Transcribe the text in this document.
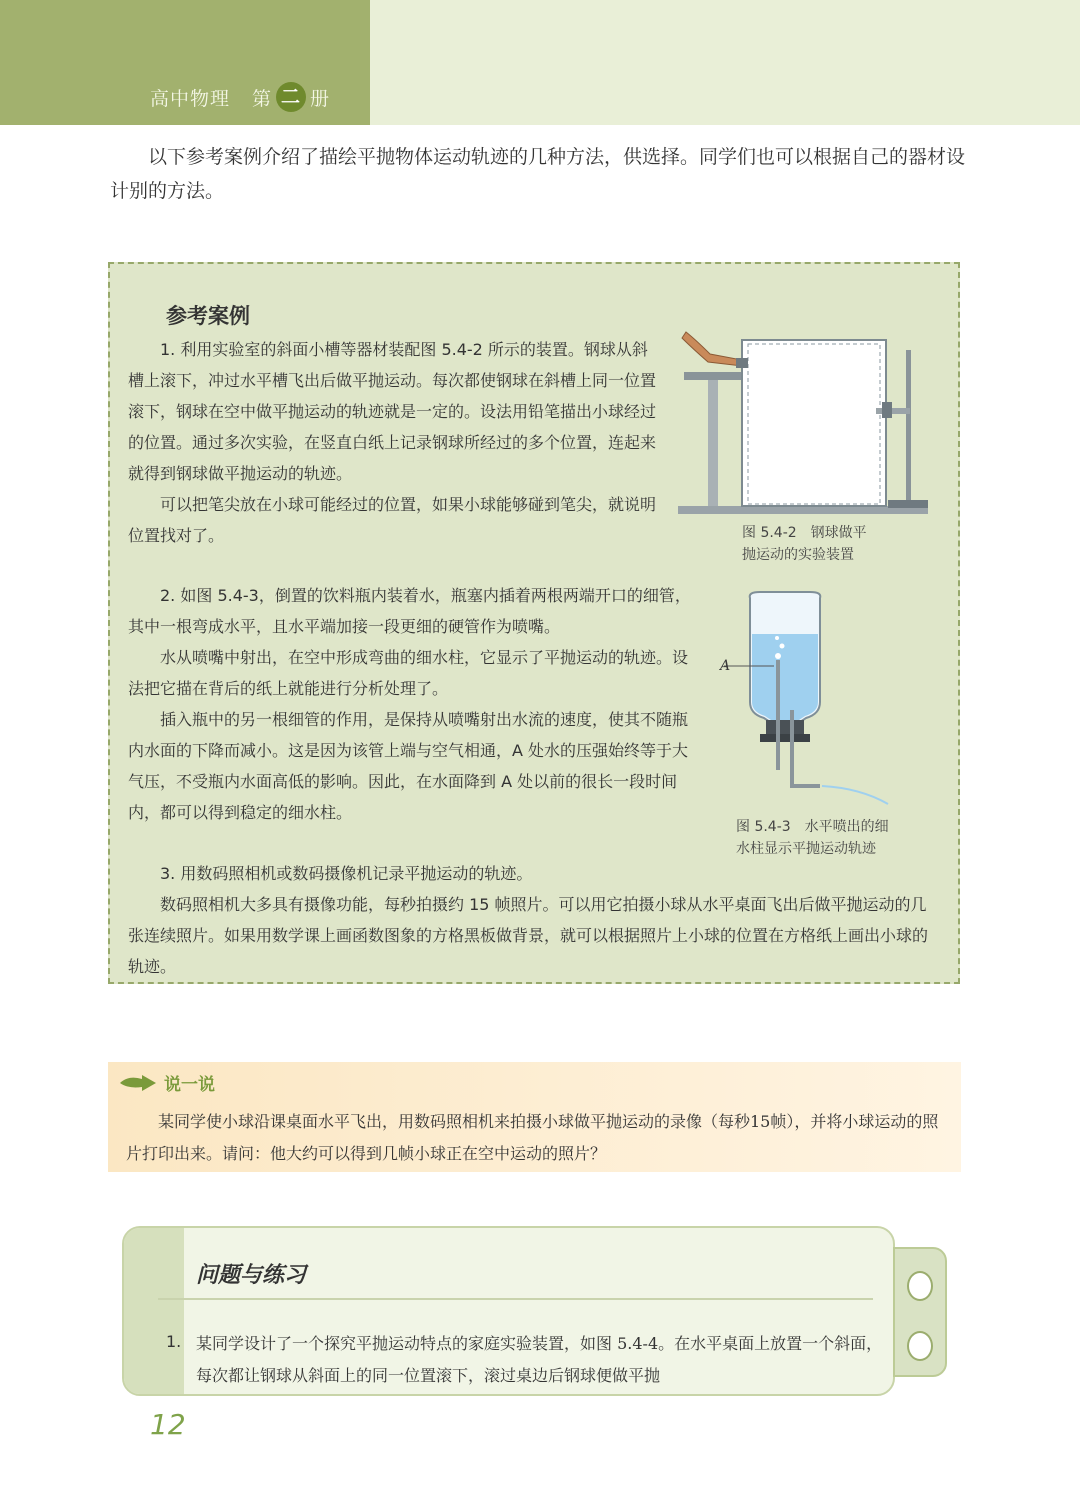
高中物理 第 二 册

以下参考案例介绍了描绘平抛物体运动轨迹的几种方法，供选择。同学们也可以根据自己的器材设计别的方法。

参考案例

1. 利用实验室的斜面小槽等器材装配图 5.4-2 所示的装置。钢球从斜槽上滚下，冲过水平槽飞出后做平抛运动。每次都使钢球在斜槽上同一位置滚下，钢球在空中做平抛运动的轨迹就是一定的。设法用铅笔描出小球经过的位置。通过多次实验，在竖直白纸上记录钢球所经过的多个位置，连起来就得到钢球做平抛运动的轨迹。

可以把笔尖放在小球可能经过的位置，如果小球能够碰到笔尖，就说明位置找对了。

2. 如图 5.4-3，倒置的饮料瓶内装着水，瓶塞内插着两根两端开口的细管，其中一根弯成水平，且水平端加接一段更细的硬管作为喷嘴。

水从喷嘴中射出，在空中形成弯曲的细水柱，它显示了平抛运动的轨迹。设法把它描在背后的纸上就能进行分析处理了。

插入瓶中的另一根细管的作用，是保持从喷嘴射出水流的速度，使其不随瓶内水面的下降而减小。这是因为该管上端与空气相通，A 处水的压强始终等于大气压，不受瓶内水面高低的影响。因此，在水面降到 A 处以前的很长一段时间内，都可以得到稳定的细水柱。

3. 用数码照相机或数码摄像机记录平抛运动的轨迹。

数码照相机大多具有摄像功能，每秒拍摄约 15 帧照片。可以用它拍摄小球从水平桌面飞出后做平抛运动的几张连续照片。如果用数学课上画函数图象的方格黑板做背景，就可以根据照片上小球的位置在方格纸上画出小球的轨迹。

图 5.4-2　钢球做平
抛运动的实验装置
A
图 5.4-3　水平喷出的细
水柱显示平抛运动轨迹
说一说

某同学使小球沿课桌面水平飞出，用数码照相机来拍摄小球做平抛运动的录像（每秒15帧），并将小球运动的照片打印出来。请问：他大约可以得到几帧小球正在空中运动的照片？

问题与练习
1. 某同学设计了一个探究平抛运动特点的家庭实验装置，如图 5.4-4。在水平桌面上放置一个斜面，每次都让钢球从斜面上的同一位置滚下，滚过桌边后钢球便做平抛

12
